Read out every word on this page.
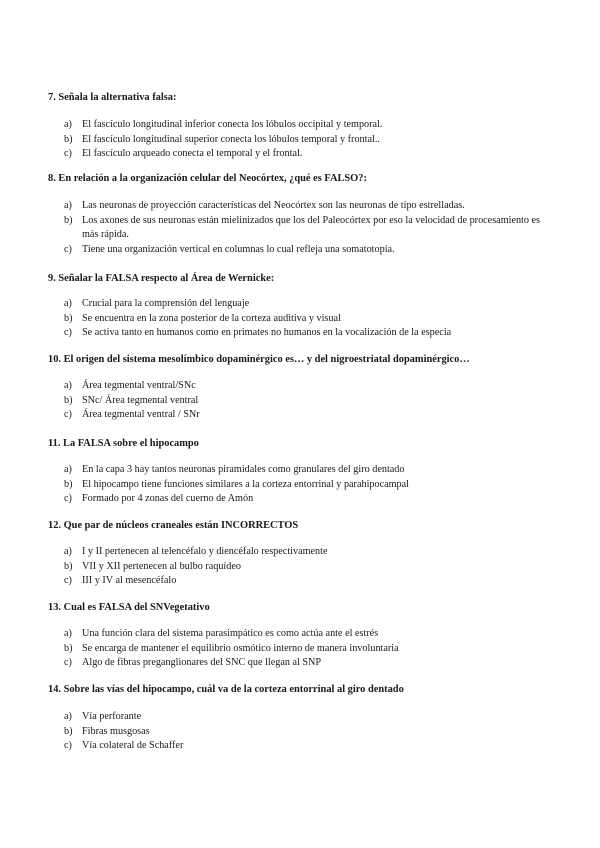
7. Señala la alternativa falsa:
a) El fascículo longitudinal inferior conecta los lóbulos occipital y temporal.
b) El fascículo longitudinal superior conecta los lóbulos temporal y frontal..
c) El fascículo arqueado conecta el temporal y el frontal.
8. En relación a la organización celular del Neocórtex, ¿qué es FALSO?:
a) Las neuronas de proyección características del Neocórtex son las neuronas de tipo estrelladas.
b) Los axones de sus neuronas están mielinizados que los del Paleocórtex por eso la velocidad de procesamiento es más rápida.
c) Tiene una organización vertical en columnas lo cual refleja una somatotopía.
9. Señalar la FALSA respecto al Área de Wernicke:
a) Crucial para la comprensión del lenguaje
b) Se encuentra en la zona posterior de la corteza auditiva y visual
c) Se activa tanto en humanos como en primates no humanos en la vocalización de la especia
10. El origen del sistema mesolímbico dopaminérgico es… y del nigroestriatal dopaminérgico…
a) Área tegmental ventral/SNc
b) SNc/ Área tegmental ventral
c) Área tegmental ventral / SNr
11. La FALSA sobre el hipocampo
a) En la capa 3 hay tantos neuronas piramidales como granulares del giro dentado
b) El hipocampo tiene funciones similares a la corteza entorrinal y parahipocampal
c) Formado por 4 zonas del cuerno de Amón
12. Que par de núcleos craneales están INCORRECTOS
a) I y II pertenecen al telencéfalo y diencéfalo respectivamente
b) VII y XII pertenecen al bulbo raquídeo
c) III y IV al mesencéfalo
13. Cual es FALSA del SNVegetativo
a) Una función clara del sistema parasimpático es como actúa ante el estrés
b) Se encarga de mantener el equilibrio osmótico interno de manera involuntaria
c) Algo de fibras preganglionares del SNC que llegan al SNP
14. Sobre las vías del hipocampo, cuál va de la corteza entorrinal al giro dentado
a) Vía perforante
b) Fibras musgosas
c) Vía colateral de Schaffer
